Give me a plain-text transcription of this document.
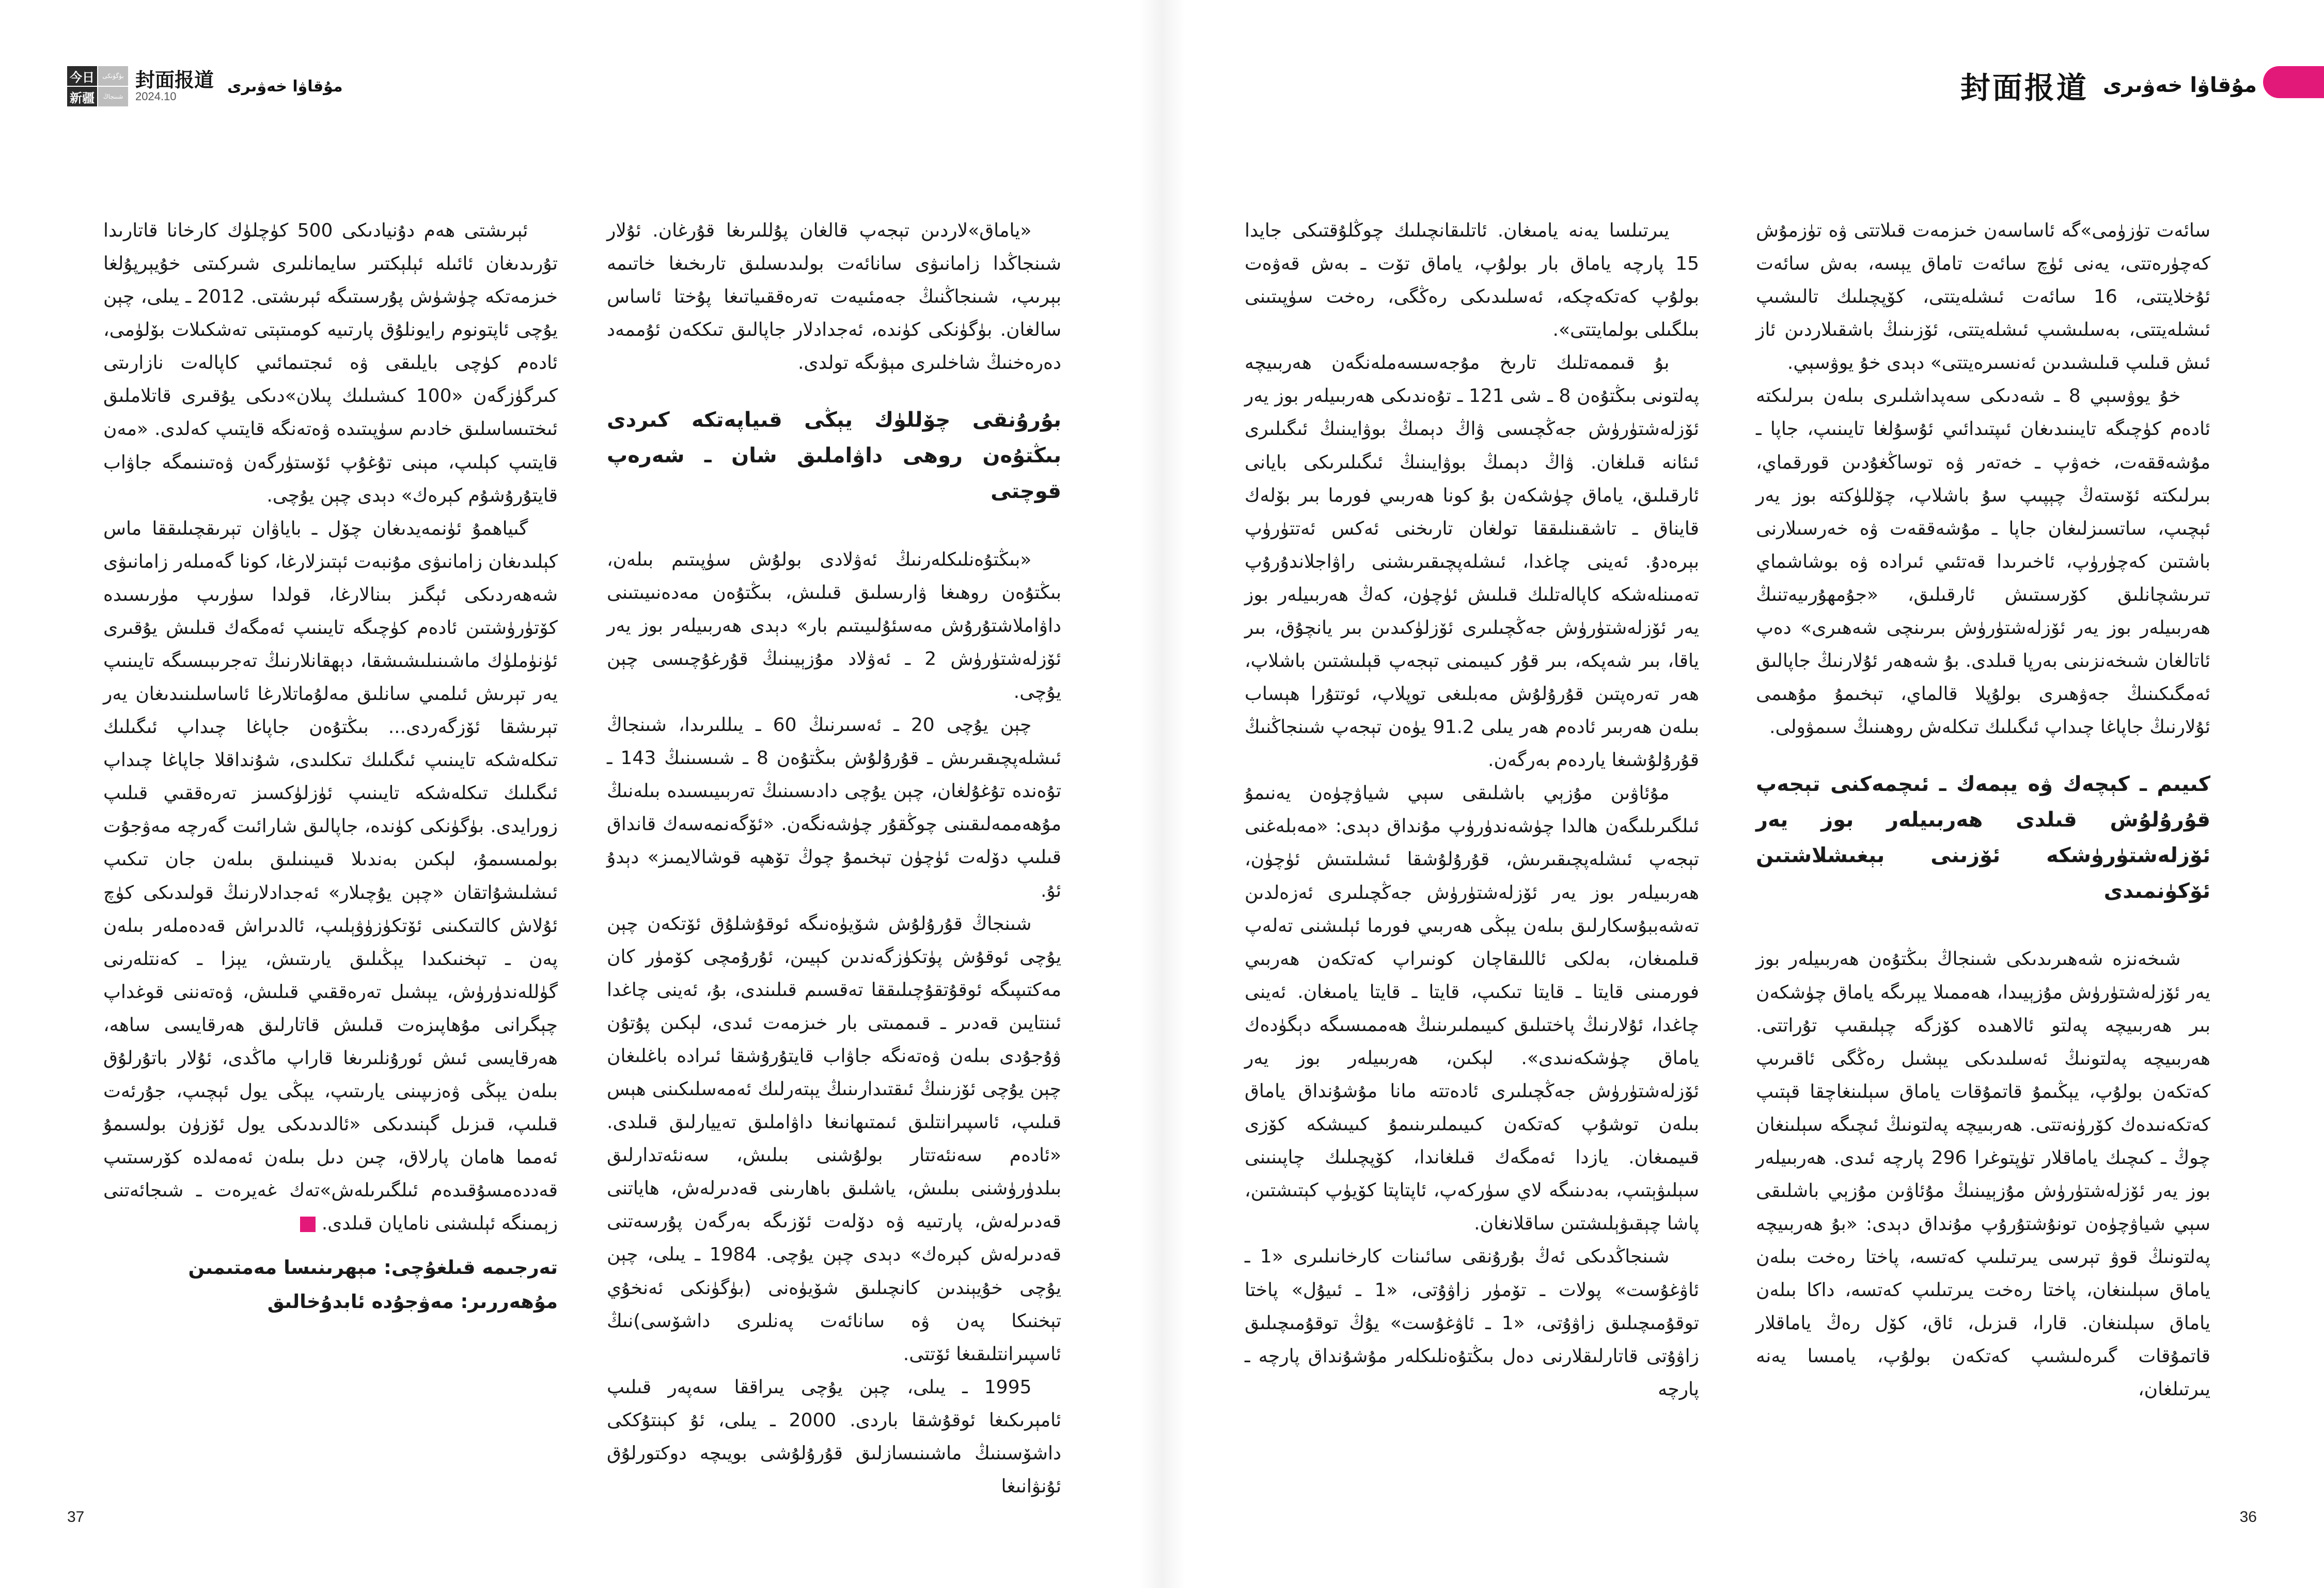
今日	بۈگۈنكى
新疆	شىنجاڭ
封面报道
2024.10
مۇقاۋا خەۋىرى

ئېرىشتى ھەم دۇنيادىكى 500 كۈچلۈك كارخانا قاتارىدا تۇرىدىغان ئائىلە ئېلېكتىر سايمانلىرى شىركىتى خۇيېرپۇلغا خىزمەتكە چۈشۈش پۇرسىتىگە ئېرىشتى. 2012 ـ يىلى، چېن يۇچى ئاپتونوم رايونلۇق پارتىيە كومىتېتى تەشكىلات بۆلۈمى، ئادەم كۈچى بايلىقى ۋە ئىجتىمائىي كاپالەت نازارىتى كىرگۈزگەن «100 كىشىلىك پىلان»دىكى يۇقىرى قاتلاملىق ئىختىساسلىق خادىم سۈپىتىدە ۋەتەنگە قايتىپ كەلدى. «مەن قايتىپ كېلىپ، مېنى تۇغۇپ ئۆستۈرگەن ۋەتىنىمگە جاۋاب قايتۇرۇشۇم كېرەك» دېدى چېن يۇچى.

گىياھمۇ ئۈنمەيدىغان چۆل ـ باياۋان تېرىقچىلىققا ماس كېلىدىغان زامانىۋى مۇنبەت ئېتىزلارغا، كونا گەمىلەر زامانىۋى شەھەردىكى ئېگىز بىنالارغا، قولدا سۈرىپ مۈرىسىدە كۆتۈرۈشتىن ئادەم كۈچىگە تايىنىپ ئەمگەك قىلىش يۇقىرى ئۈنۈملۈك ماشىنىلىشىشقا، دېھقانلارنىڭ تەجرىبىسىگە تايىنىپ يەر تېرىش ئىلمىي سانلىق مەلۇماتلارغا ئاساسلىنىدىغان يەر تېرىشقا ئۆزگەردى... بىڭتۇەن جاپاغا چىداپ ئىگىلىك تىكلەشكە تايىنىپ ئىگىلىك تىكلىدى، شۇنداقلا جاپاغا چىداپ ئىگىلىك تىكلەشكە تايىنىپ ئۈزلۈكسىز تەرەققىي قىلىپ زورايدى. بۈگۈنكى كۈندە، جاپالىق شارائىت گەرچە مەۋجۇت بولمىسىمۇ، لېكىن بەندىلا قىيىنىلىق بىلەن جان تىكىپ ئىشلىشۇاتقان «چېن يۇچىلار» ئەجدادلارنىڭ قولىدىكى كۈچ ئۇلاش كالتىكىنى ئۆتكۈزۈۋېلىپ، ئالدىراش قەدەملەر بىلەن پەن ـ تېخنىكىدا يېڭىلىق يارىتىش، يېزا ـ كەنتلەرنى گۈللەندۈرۈش، يېشىل تەرەققىي قىلىش، ۋەتەننى قوغداپ چېگرانى مۇھاپىزەت قىلىش قاتارلىق ھەرقايسى ساھە، ھەرقايسى ئىش ئورۇنلىرىغا قاراپ ماڭدى، ئۇلار باتۇرلۇق بىلەن يېڭى ۋەزىپىنى يارىتىپ، يېڭى يول ئېچىپ، جۇرئەت قىلىپ، قىزىل گېنىدىكى «ئالدىدىكى يول ئۆزۈن بولسىمۇ ئەمما ھامان پارلاق، چىن دىل بىلەن ئەمەلدە كۆرسىتىپ قەددەمسۇقىدەم ئىلگىرىلەش»تەك غەيرەت ـ شىجائەتنى زېمىنگە ئېلىشنى نامايان قىلدى. J

تەرجىمە قىلغۇچى: مېھرىنىسا مەمتىمىن

مۇھەررىر: مەۋجۇدە ئابدۇخالىق

«ياماق»لاردىن تېجەپ قالغان پۇللىرىغا قۇرغان. ئۇلار شىنجاڭدا زامانىۋى سانائەت بولىدىسلىق تارىخىغا خاتىمە بېرىپ، شىنجاڭنىڭ جەمئىيەت تەرەققىياتىغا پۇختا ئاساس سالغان. بۈگۈنكى كۈندە، ئەجدادلار جاپالىق تىككەن ئۇممەد دەرەخنىڭ شاخلىرى مېۋىگە تولدى.

بۇرۇنقى چۆللۈك يېڭى قىياپەتكە كىردى بىڭتۇەن روھى داۋاملىق شان ـ شەرەپ قوچتى

«بىڭتۇەنلىكلەرنىڭ ئەۋلادى بولۇش سۈپىتىم بىلەن، بىڭتۇەن روھىغا ۋارىسلىق قىلىش، بىڭتۇەن مەدەنىيىتىنى داۋاملاشتۇرۇش مەسئۇلىيىتىم بار» دېدى ھەربىيلەر بوز يەر ئۆزلەشتۈرۈش 2 ـ ئەۋلاد مۇزېيىنىڭ قۇرغۇچىسى چېن يۇچى.

چېن يۇچى 20 ـ ئەسىرنىڭ 60 ـ يىللىرىدا، شىنجاڭ ئىشلەپچىقىرىش ـ قۇرۇلۇش بىڭتۇەن 8 ـ شىسىنىڭ 143 ـ تۇەندە تۇغۇلغان، چېن يۇچى دادىسىنىڭ تەربىيىسىدە بىلەنىڭ مۇھەممەلىقىنى چوڭقۇر چۈشەنگەن. «ئۆگەنمەسەك قانداق قىلىپ دۆلەت ئۈچۈن تېخىمۇ چوڭ تۆھپە قوشالايمىز» دېدۇ ئۇ.

شىنجاڭ قۇرۇلۇش شۆيۈەنىگە ئوقۇشلۇق ئۆتكەن چېن يۇچى ئوقۇش پۈتكۈزگەندىن كېيىن، ئۇرۇمچى كۆمۈر كان مەكتىپىگە ئوقۇتقۇچىلىققا تەقسىم قىلىندى، بۇ، ئەينى چاغدا ئىنتايىن قەدىر ـ قىممىتى بار خىزمەت ئىدى، لېكىن پۇتۇن ۋۇجۇدى بىلەن ۋەتەنگە جاۋاب قايتۇرۇشقا ئىرادە باغلىغان چېن يۇچى ئۆزىنىڭ ئىقتىدارىنىڭ يېتەرلىك ئەمەسلىكىنى ھېس قىلىپ، ئاسپىرانتلىق ئىمتىھانىغا داۋاملىق تەييارلىق قىلدى. «ئادەم سەنئەتتار بولۇشنى بىلىش، سەنئەتدارلىق بىلدۈرۈشنى بىلىش، ياشلىق باھارىنى قەدىرلەش، ھاياتنى قەدىرلەش، پارتىيە ۋە دۆلەت ئۆزىگە بەرگەن پۇرسەتنى قەدىرلەش كېرەك» دېدى چېن يۇچى. 1984 ـ يىلى، چېن يۇچى خۇيېندىن كانچىلىق شۆيۈەنى (بۈگۈنكى ئەنخۇي تېخنىكا پەن ۋە سانائەت پەنلىرى داشۆسى)نىڭ ئاسپىرانتلىقىغا ئۆتتى.

1995 ـ يىلى، چېن يۇچى يىراققا سەپەر قىلىپ ئامېرىكىغا ئوقۇشقا باردى. 2000 ـ يىلى، ئۇ كېنتۇككى داشۆسىنىڭ ماشىنىسازلىق قۇرۇلۇشى بويىچە دوكتورلۇق ئۇنۋانىغا

37
封面报道 مۇقاۋا خەۋىرى

يىرتىلسا يەنە يامىغان. ئاتلىقانچىلىك چوڭلۇقتىكى جايدا 15 پارچە ياماق بار بولۇپ، ياماق تۆت ـ بەش قەۋەت بولۇپ كەتكەچكە، ئەسلىدىكى رەڭگى، رەخت سۈپىتىنى بىلگىلى بولمايتتى».

بۇ قىممەتلىك تارىخ مۇجەسسەملەنگەن ھەربىيچە پەلتونى بىڭتۇەن 8 ـ شى 121 ـ تۇەندىكى ھەربىيلەر بوز يەر ئۆزلەشتۈرۈش جەڭچىسى ۋاڭ دېمىڭ بوۋايىنىڭ ئىگىلىرى ئىئانە قىلغان. ۋاڭ دېمىڭ بوۋايىنىڭ ئىگىلىرىكى بايانى ئارقىلىق، ياماق چۈشكەن بۇ كونا ھەربىي فورما بىر بۆلەك قايناق ـ تاشقىنلىققا تولغان تارىخنى ئەكس ئەتتۈرۈپ بېرەدۇ. ئەينى چاغدا، ئىشلەپچىقىرىشنى راۋاجلاندۇرۇپ تەمىنلەشكە كاپالەتلىك قىلىش ئۈچۈن، كەڭ ھەربىيلەر بوز يەر ئۆزلەشتۈرۈش جەڭچىلىرى ئۆزلۈكىدىن بىر يانچۇق، بىر ياقا، بىر شەپكە، بىر قۇر كىيىمنى تېجەپ قېلىشتىن باشلاپ، ھەر تەرەپتىن قۇرۇلۇش مەبلىغى توپلاپ، ئوتتۇرا ھېساب بىلەن ھەربىر ئادەم ھەر يىلى 91.2 يۈەن تېجەپ شىنجاڭنىڭ قۇرۇلۇشىغا ياردەم بەرگەن.

مۇئاۋىن مۇزېي باشلىقى سېي شياۋچۈەن يەنىمۇ ئىلگىرىلىگەن ھالدا چۈشەندۈرۈپ مۇنداق دېدى: «مەبلەغنى تېجەپ ئىشلەپچىقىرىش، قۇرۇلۇشقا ئىشلىتىش ئۈچۈن، ھەربىيلەر بوز يەر ئۆزلەشتۈرۈش جەڭچىلىرى ئەزەلدىن تەشەببۇسكارلىق بىلەن يېڭى ھەربىي فورما ئېلىشنى تەلەپ قىلمىغان، بەلكى ئاللىقاچان كونىراپ كەتكەن ھەربىي فورمىنى قايتا ـ قايتا تىكىپ، قايتا ـ قايتا يامىغان. ئەينى چاغدا، ئۇلارنىڭ پاختىلىق كىيىملىرىنىڭ ھەممىسىگە دېگۈدەك ياماق چۈشكەنىدى». لېكىن، ھەربىيلەر بوز يەر ئۆزلەشتۈرۈش جەڭچىلىرى ئادەتتە مانا مۇشۇنداق ياماق بىلەن توشۇپ كەتكەن كىيىملىرىنىمۇ كىيىشكە كۆزى قىيمىغان. يازدا ئەمگەك قىلغاندا، كۆپچىلىك چاپىنىنى سېلىۋېتىپ، بەدىنىگە لاي سۈركەپ، ئاپتاپتا كۆيۈپ كېتىشتىن، پاشا چېقىۋېلىشتىن ساقلانغان.

شىنجاڭدىكى ئەڭ بۇرۇنقى سائىنات كارخانىلىرى «1 ـ ئاۋغۇست» پولات ـ تۆمۈر زاۋۇتى، «1 ـ ئىيۇل» پاختا توقۇمىچىلىق زاۋۇتى، «1 ـ ئاۋغۇست» يۇڭ توقۇمىچىلىق زاۋۇتى قاتارلىقلارنى دەل بىڭتۇەنلىكلەر مۇشۇنداق پارچە ـ پارچە

سائەت تۈزۈمى»گە ئاساسەن خىزمەت قىلاتتى ۋە تۈزمۇش كەچۈرەتتى، يەنى ئۈچ سائەت تاماق يېسە، بەش سائەت ئۇخلايتتى، 16 سائەت ئىشلەيتتى، كۆپچىلىك تالىشىپ ئىشلەيتتى، بەسلىشىپ ئىشلەيتتى، ئۆزىنىڭ باشقىلاردىن ئاز ئىش قىلىپ قىلىشىدىن ئەنسىرەيتتى» دېدى خۇ يوۋسېي.

خۇ يوۋسېي 8 ـ شەدىكى سەپداشلىرى بىلەن بىرلىكتە ئادەم كۈچىگە تايىنىدىغان ئىپتىدائىي ئۇسۇلغا تايىنىپ، جاپا ـ مۇشەققەت، خەۋپ ـ خەتەر ۋە توساڭغۇدىن قورقماي، بىرلىكتە ئۆستەڭ چېپىپ سۇ باشلاپ، چۆللۈكتە بوز يەر ئېچىپ، ساتسىزلىغان جاپا ـ مۇشەققەت ۋە خەرسىلارنى باشتىن كەچۈرۈپ، ئاخىرىدا قەتئىي ئىرادە ۋە بوشاشماي تىرىشچانلىق كۆرسىتىش ئارقىلىق، «جۇمھۇرىيەتنىڭ ھەربىيلەر بوز يەر ئۆزلەشتۈرۈش بىرىنچى شەھىرى» دەپ ئاتالغان شىخەنزىنى بەرپا قىلدى. بۇ شەھەر ئۇلارنىڭ جاپالىق ئەمگىكىنىڭ جەۋھىرى بولۇپلا قالماي، تېخىمۇ مۇھىمى ئۇلارنىڭ جاپاغا چىداپ ئىگىلىك تىكلەش روھىنىڭ سىمۋولى.

كىيىم ـ كېچەك ۋە يېمەك ـ ئىچمەكنى تېجەپ قۇرۇلۇش قىلدى ھەربىيلەر بوز يەر ئۆزلەشتۈرۈشكە ئۆزىنى بېغىشلاشتىن ئۆكۈنمىدى

شىخەنزە شەھىرىدىكى شىنجاڭ بىڭتۇەن ھەربىيلەر بوز يەر ئۆزلەشتۈرۈش مۇزېيىدا، ھەممىلا يېرىگە ياماق چۈشكەن بىر ھەربىيچە پەلتو ئالاھىدە كۆزگە چېلىقىپ تۇراتتى. ھەربىيچە پەلتونىڭ ئەسلىدىكى يېشىل رەڭگى ئاقىرىپ كەتكەن بولۇپ، يېڭىمۇ قاتمۇقات ياماق سېلىنغاچقا قېتىپ كەتكەنىدەك كۆرۈنەتتى. ھەربىيچە پەلتونىڭ ئىچىگە سېلىنغان چوڭ ـ كىچىك ياماقلار تۈپتوغرا 296 پارچە ئىدى. ھەربىيلەر بوز يەر ئۆزلەشتۈرۈش مۇزېيىنىڭ مۇئاۋىن مۇزېي باشلىقى سېي شياۋچۈەن تونۇشتۇرۇپ مۇنداق دېدى: «بۇ ھەربىيچە پەلتونىڭ قوۋ تېرسى يىرتىلىپ كەتسە، پاختا رەخت بىلەن ياماق سېلىنغان، پاختا رەخت يىرتىلىپ كەتسە، داكا بىلەن ياماق سېلىنغان. قارا، قىزىل، ئاق، كۆل رەڭ ياماقلار قاتمۇقات گىرەلىشىپ كەتكەن بولۇپ، يامىسا يەنە يىرتىلغان،

36
